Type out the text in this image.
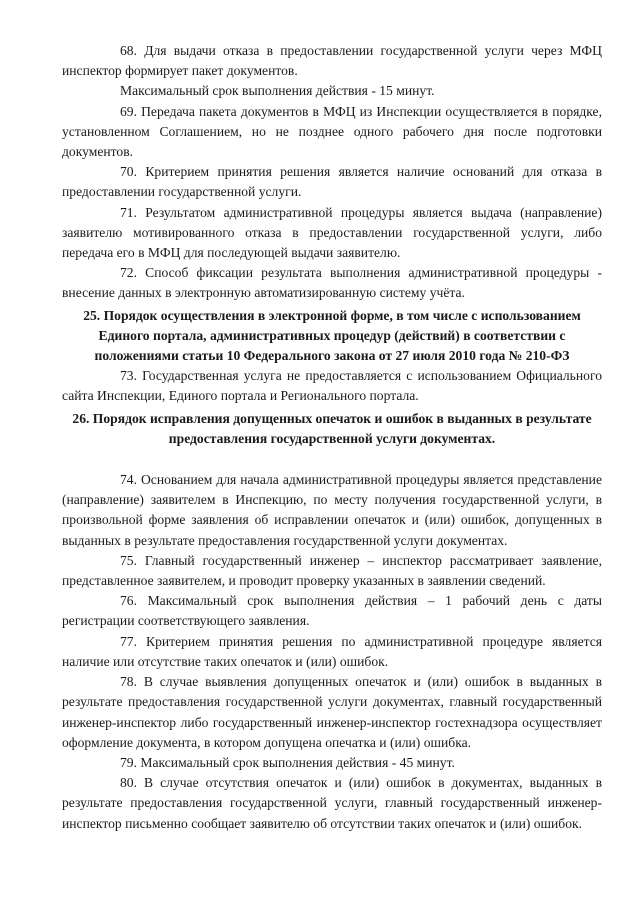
68. Для выдачи отказа в предоставлении государственной услуги через МФЦ инспектор формирует пакет документов.

Максимальный срок выполнения действия - 15 минут.

69. Передача пакета документов в МФЦ из Инспекции осуществляется в порядке, установленном Соглашением, но не позднее одного рабочего дня после подготовки документов.

70. Критерием принятия решения является наличие оснований для отказа в предоставлении государственной услуги.

71. Результатом административной процедуры является выдача (направление) заявителю мотивированного отказа в предоставлении государственной услуги, либо передача его в МФЦ для последующей выдачи заявителю.

72. Способ фиксации результата выполнения административной процедуры - внесение данных в электронную автоматизированную систему учёта.

25. Порядок осуществления в электронной форме, в том числе с использованием Единого портала, административных процедур (действий) в соответствии с положениями статьи 10 Федерального закона от 27 июля 2010 года № 210-ФЗ

73. Государственная услуга не предоставляется с использованием Официального сайта Инспекции, Единого портала и Регионального портала.

26. Порядок исправления допущенных опечаток и ошибок в выданных в результате предоставления государственной услуги документах.

74. Основанием для начала административной процедуры является представление (направление) заявителем в Инспекцию, по месту получения государственной услуги, в произвольной форме заявления об исправлении опечаток и (или) ошибок, допущенных в выданных в результате предоставления государственной услуги документах.

75. Главный государственный инженер – инспектор рассматривает заявление, представленное заявителем, и проводит проверку указанных в заявлении сведений.

76. Максимальный срок выполнения действия – 1 рабочий день с даты регистрации соответствующего заявления.

77. Критерием принятия решения по административной процедуре является наличие или отсутствие таких опечаток и (или) ошибок.

78. В случае выявления допущенных опечаток и (или) ошибок в выданных в результате предоставления государственной услуги документах, главный государственный инженер-инспектор либо государственный инженер-инспектор гостехнадзора осуществляет оформление документа, в котором допущена опечатка и (или) ошибка.

79. Максимальный срок выполнения действия - 45 минут.

80. В случае отсутствия опечаток и (или) ошибок в документах, выданных в результате предоставления государственной услуги, главный государственный инженер-инспектор письменно сообщает заявителю об отсутствии таких опечаток и (или) ошибок.
